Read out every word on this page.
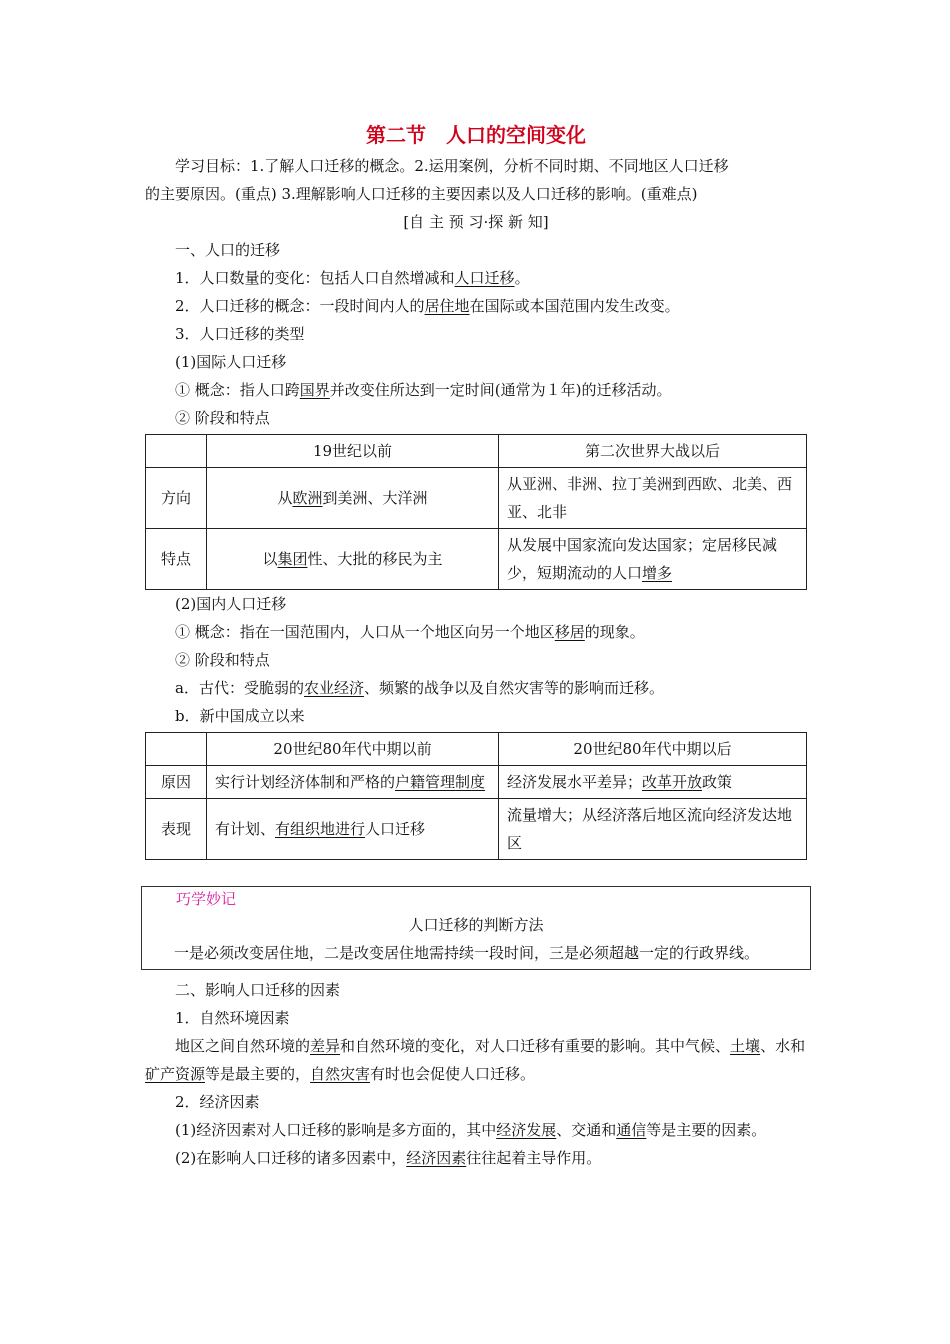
第二节　人口的空间变化

学习目标：1.了解人口迁移的概念。2.运用案例，分析不同时期、不同地区人口迁移

的主要原因。(重点) 3.理解影响人口迁移的主要因素以及人口迁移的影响。(重难点)

[自 主 预 习·探 新 知]

一、人口的迁移

1．人口数量的变化：包括人口自然增减和人口迁移。

2．人口迁移的概念：一段时间内人的居住地在国际或本国范围内发生改变。

3．人口迁移的类型

(1)国际人口迁移

① 概念：指人口跨国界并改变住所达到一定时间(通常为１年)的迁移活动。

② 阶段和特点

	19世纪以前	第二次世界大战以后
方向	从欧洲到美洲、大洋洲	从亚洲、非洲、拉丁美洲到西欧、北美、西亚、北非
特点	以集团性、大批的移民为主	从发展中国家流向发达国家；定居移民减少，短期流动的人口增多

(2)国内人口迁移

① 概念：指在一国范围内，人口从一个地区向另一个地区移居的现象。

② 阶段和特点

a．古代：受脆弱的农业经济、频繁的战争以及自然灾害等的影响而迁移。

b．新中国成立以来

	20世纪80年代中期以前	20世纪80年代中期以后
原因	实行计划经济体制和严格的户籍管理制度	经济发展水平差异；改革开放政策
表现	有计划、有组织地进行人口迁移	流量增大；从经济落后地区流向经济发达地区
巧学妙记

人口迁移的判断方法

一是必须改变居住地，二是改变居住地需持续一段时间，三是必须超越一定的行政界线。

二、影响人口迁移的因素

1．自然环境因素

地区之间自然环境的差异和自然环境的变化，对人口迁移有重要的影响。其中气候、土壤、水和矿产资源等是最主要的，自然灾害有时也会促使人口迁移。

2．经济因素

(1)经济因素对人口迁移的影响是多方面的，其中经济发展、交通和通信等是主要的因素。

(2)在影响人口迁移的诸多因素中，经济因素往往起着主导作用。
